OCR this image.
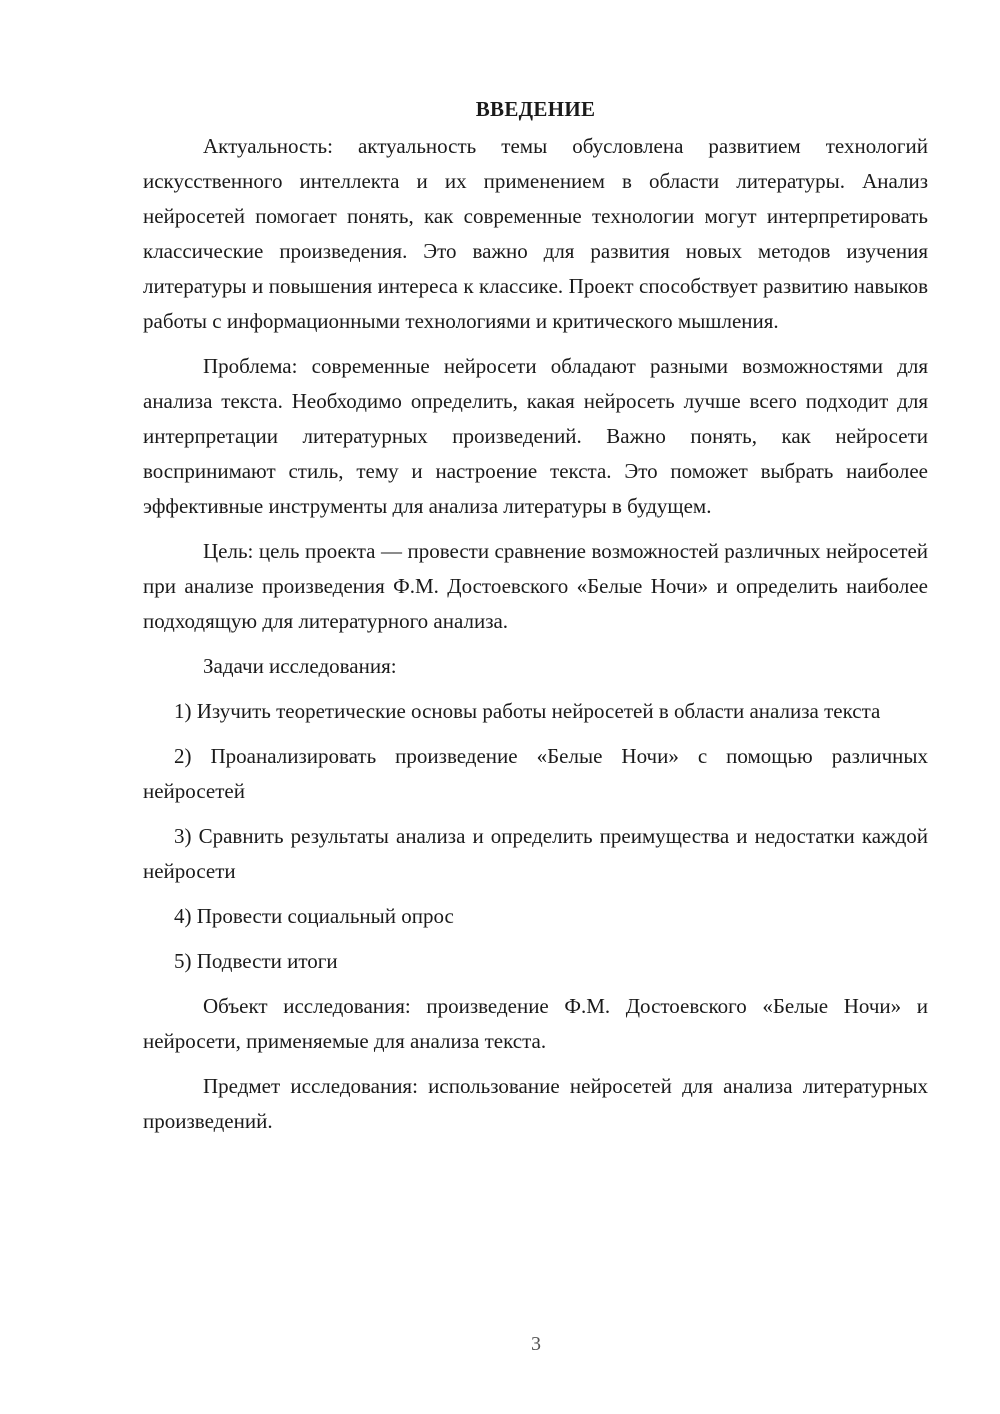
ВВЕДЕНИЕ

Актуальность: актуальность темы обусловлена развитием технологий искусственного интеллекта и их применением в области литературы. Анализ нейросетей помогает понять, как современные технологии могут интерпретировать классические произведения. Это важно для развития новых методов изучения литературы и повышения интереса к классике. Проект способствует развитию навыков работы с информационными технологиями и критического мышления.

Проблема: современные нейросети обладают разными возможностями для анализа текста. Необходимо определить, какая нейросеть лучше всего подходит для интерпретации литературных произведений. Важно понять, как нейросети воспринимают стиль, тему и настроение текста. Это поможет выбрать наиболее эффективные инструменты для анализа литературы в будущем.

Цель: цель проекта — провести сравнение возможностей различных нейросетей при анализе произведения Ф.М. Достоевского «Белые Ночи» и определить наиболее подходящую для литературного анализа.

Задачи исследования:

1) Изучить теоретические основы работы нейросетей в области анализа текста

2) Проанализировать произведение «Белые Ночи» с помощью различных нейросетей

3) Сравнить результаты анализа и определить преимущества и недостатки каждой нейросети

4) Провести социальный опрос

5) Подвести итоги

Объект исследования: произведение Ф.М. Достоевского «Белые Ночи» и нейросети, применяемые для анализа текста.

Предмет исследования: использование нейросетей для анализа литературных произведений.

3
